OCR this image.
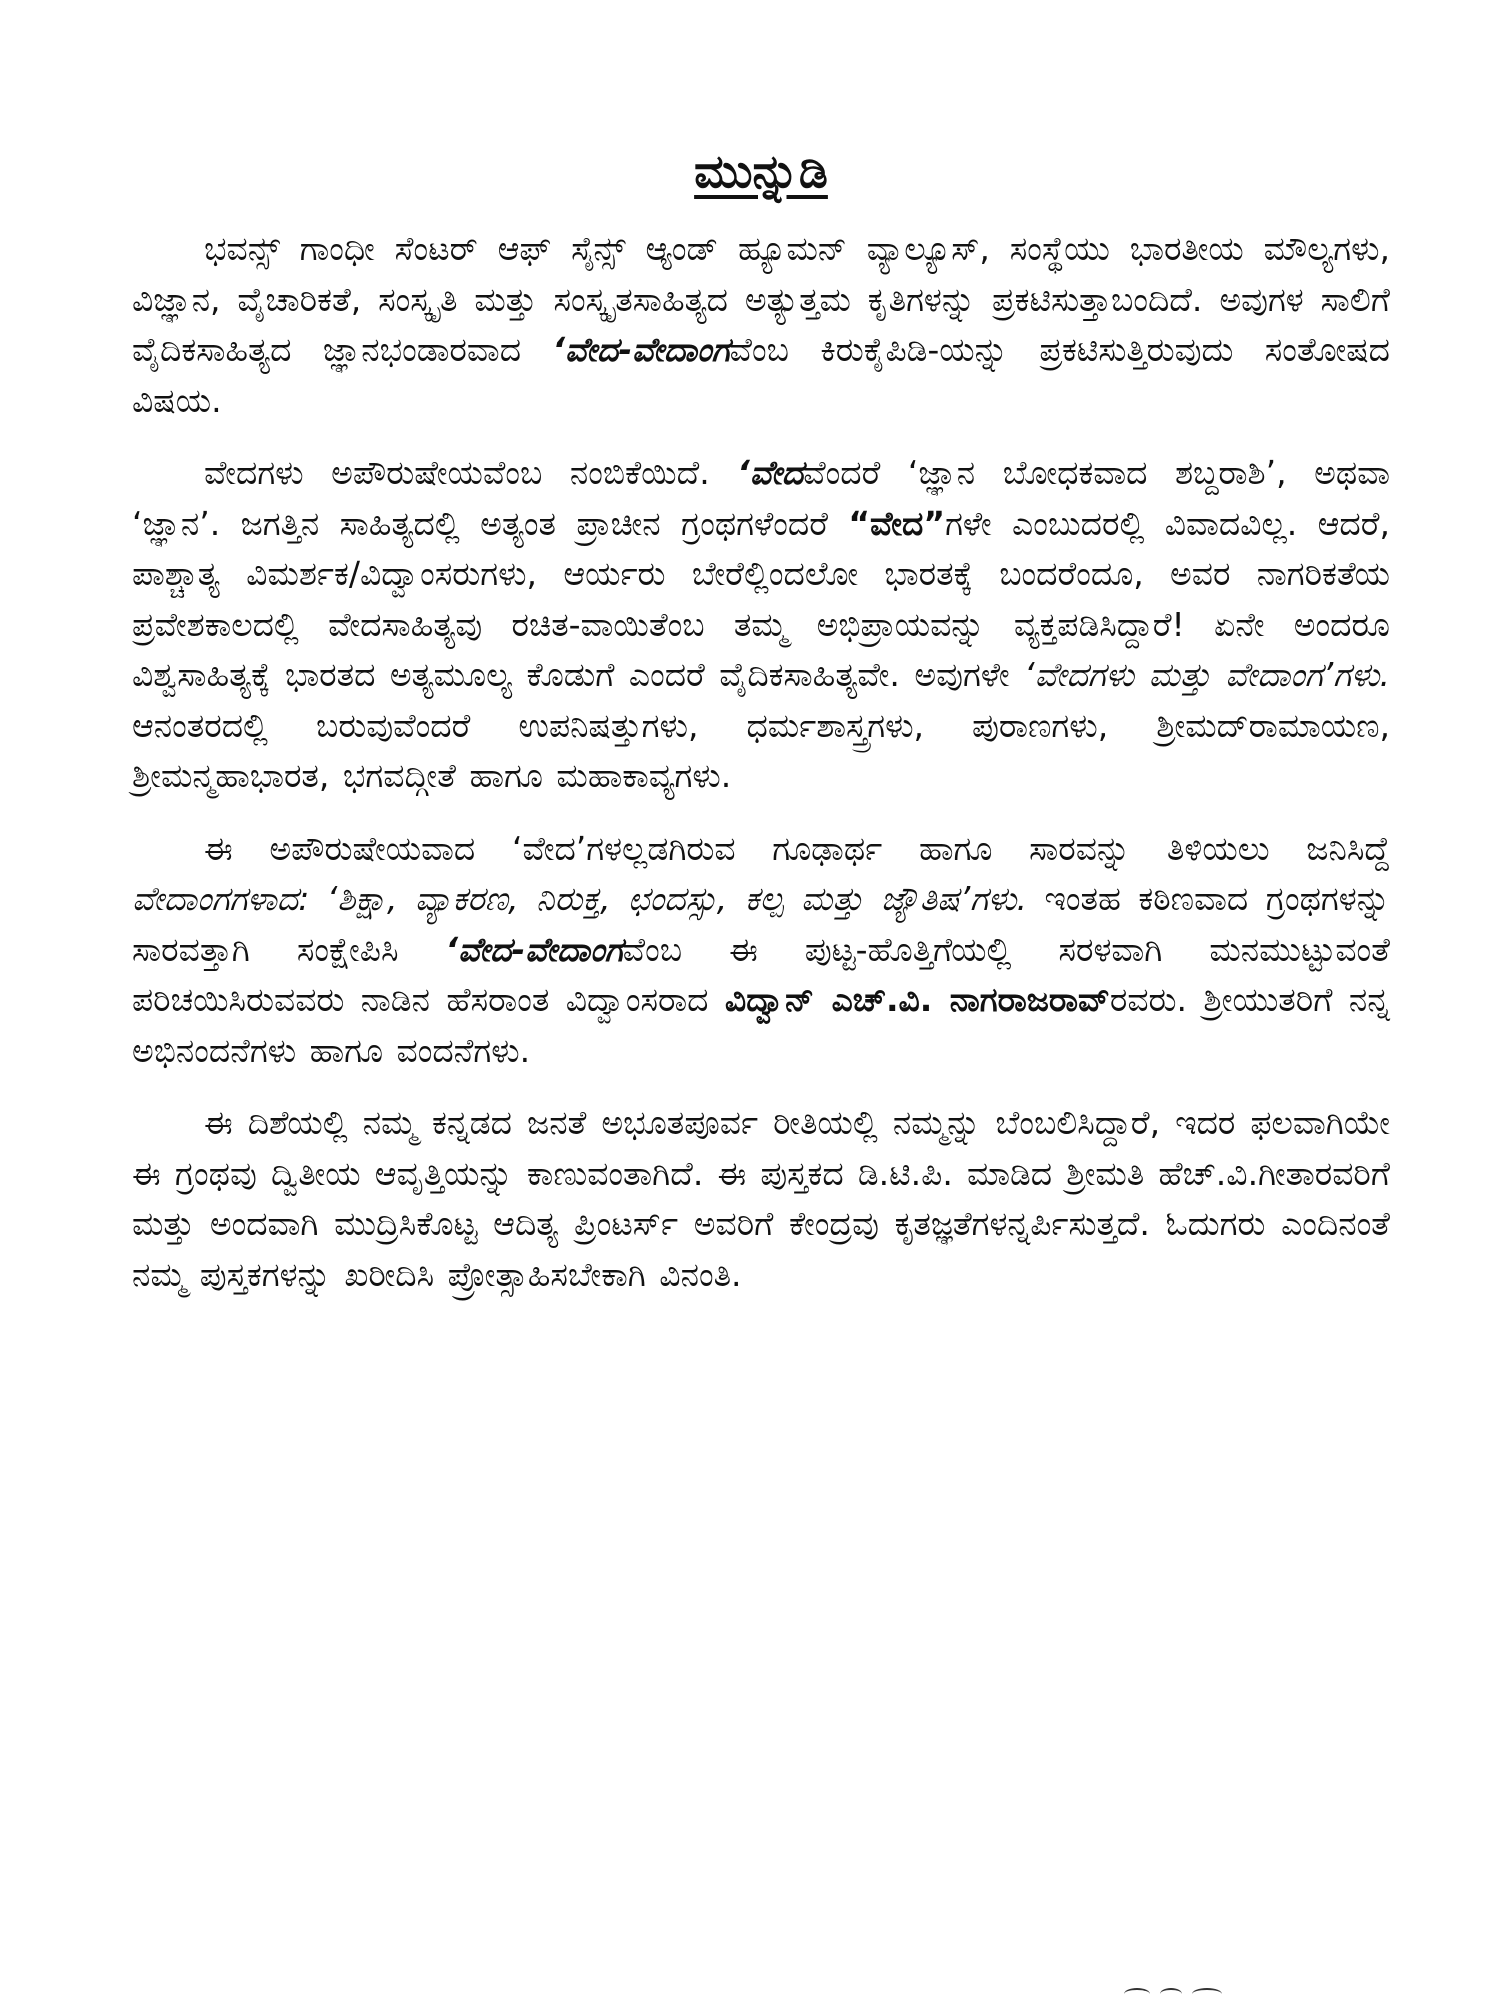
ಮುನ್ನುಡಿ

ಭವನ್ಸ್ ಗಾಂಧೀ ಸೆಂಟರ್ ಆಫ್ ಸೈನ್ಸ್ ಆ್ಯಂಡ್ ಹ್ಯೂಮನ್ ವ್ಯಾಲ್ಯೂಸ್, ಸಂಸ್ಥೆಯು ಭಾರತೀಯ ಮೌಲ್ಯಗಳು, ವಿಜ್ಞಾನ, ವೈಚಾರಿಕತೆ, ಸಂಸ್ಕೃತಿ ಮತ್ತು ಸಂಸ್ಕೃತಸಾಹಿತ್ಯದ ಅತ್ಯುತ್ತಮ ಕೃತಿಗಳನ್ನು ಪ್ರಕಟಿಸುತ್ತಾಬಂದಿದೆ. ಅವುಗಳ ಸಾಲಿಗೆ ವೈದಿಕಸಾಹಿತ್ಯದ ಜ್ಞಾನಭಂಡಾರವಾದ ‘ವೇದ-ವೇದಾಂಗವೆಂಬ ಕಿರುಕೈಪಿಡಿ-ಯನ್ನು ಪ್ರಕಟಿಸುತ್ತಿರುವುದು ಸಂತೋಷದ ವಿಷಯ.

ವೇದಗಳು ಅಪೌರುಷೇಯವೆಂಬ ನಂಬಿಕೆಯಿದೆ. ‘ವೇದವೆಂದರೆ ‘ಜ್ಞಾನ ಬೋಧಕವಾದ ಶಬ್ದರಾಶಿ’, ಅಥವಾ ‘ಜ್ಞಾನ’. ಜಗತ್ತಿನ ಸಾಹಿತ್ಯದಲ್ಲಿ ಅತ್ಯಂತ ಪ್ರಾಚೀನ ಗ್ರಂಥಗಳೆಂದರೆ “ವೇದ”ಗಳೇ ಎಂಬುದರಲ್ಲಿ ವಿವಾದವಿಲ್ಲ. ಆದರೆ, ಪಾಶ್ಚಾತ್ಯ ವಿಮರ್ಶಕ/ವಿದ್ವಾಂಸರುಗಳು, ಆರ್ಯರು ಬೇರೆಲ್ಲಿಂದಲೋ ಭಾರತಕ್ಕೆ ಬಂದರೆಂದೂ, ಅವರ ನಾಗರಿಕತೆಯ ಪ್ರವೇಶಕಾಲದಲ್ಲಿ ವೇದಸಾಹಿತ್ಯವು ರಚಿತ-ವಾಯಿತೆಂಬ ತಮ್ಮ ಅಭಿಪ್ರಾಯವನ್ನು ವ್ಯಕ್ತಪಡಿಸಿದ್ದಾರೆ! ಏನೇ ಅಂದರೂ ವಿಶ್ವಸಾಹಿತ್ಯಕ್ಕೆ ಭಾರತದ ಅತ್ಯಮೂಲ್ಯ ಕೊಡುಗೆ ಎಂದರೆ ವೈದಿಕಸಾಹಿತ್ಯವೇ. ಅವುಗಳೇ ‘ವೇದಗಳು ಮತ್ತು ವೇದಾಂಗ’ಗಳು. ಆನಂತರದಲ್ಲಿ ಬರುವುವೆಂದರೆ ಉಪನಿಷತ್ತುಗಳು, ಧರ್ಮಶಾಸ್ತ್ರಗಳು, ಪುರಾಣಗಳು, ಶ್ರೀಮದ್‌ರಾಮಾಯಣ, ಶ್ರೀಮನ್ಮಹಾಭಾರತ, ಭಗವದ್ಗೀತೆ ಹಾಗೂ ಮಹಾಕಾವ್ಯಗಳು.

ಈ ಅಪೌರುಷೇಯವಾದ ‘ವೇದ’ಗಳಲ್ಲಡಗಿರುವ ಗೂಢಾರ್ಥ ಹಾಗೂ ಸಾರವನ್ನು ತಿಳಿಯಲು ಜನಿಸಿದ್ದೆ ವೇದಾಂಗಗಳಾದ: ‘ಶಿಕ್ಷಾ, ವ್ಯಾಕರಣ, ನಿರುಕ್ತ, ಛಂದಸ್ಸು, ಕಲ್ಪ ಮತ್ತು ಜ್ಯೌತಿಷ’ಗಳು. ಇಂತಹ ಕಠಿಣವಾದ ಗ್ರಂಥಗಳನ್ನು ಸಾರವತ್ತಾಗಿ ಸಂಕ್ಷೇಪಿಸಿ ‘ವೇದ-ವೇದಾಂಗವೆಂಬ ಈ ಪುಟ್ಟ-ಹೊತ್ತಿಗೆಯಲ್ಲಿ ಸರಳವಾಗಿ ಮನಮುಟ್ಟುವಂತೆ ಪರಿಚಯಿಸಿರುವವರು ನಾಡಿನ ಹೆಸರಾಂತ ವಿದ್ವಾಂಸರಾದ ವಿದ್ವಾನ್ ಎಚ್.ವಿ. ನಾಗರಾಜರಾವ್ರವರು. ಶ್ರೀಯುತರಿಗೆ ನನ್ನ ಅಭಿನಂದನೆಗಳು ಹಾಗೂ ವಂದನೆಗಳು.

ಈ ದಿಶೆಯಲ್ಲಿ ನಮ್ಮ ಕನ್ನಡದ ಜನತೆ ಅಭೂತಪೂರ್ವ ರೀತಿಯಲ್ಲಿ ನಮ್ಮನ್ನು ಬೆಂಬಲಿಸಿದ್ದಾರೆ, ಇದರ ಫಲವಾಗಿಯೇ ಈ ಗ್ರಂಥವು ದ್ವಿತೀಯ ಆವೃತ್ತಿಯನ್ನು ಕಾಣುವಂತಾಗಿದೆ. ಈ ಪುಸ್ತಕದ ಡಿ.ಟಿ.ಪಿ. ಮಾಡಿದ ಶ್ರೀಮತಿ ಹೆಚ್.ವಿ.ಗೀತಾರವರಿಗೆ ಮತ್ತು ಅಂದವಾಗಿ ಮುದ್ರಿಸಿಕೊಟ್ಟ ಆದಿತ್ಯ ಪ್ರಿಂಟರ್ಸ್ ಅವರಿಗೆ ಕೇಂದ್ರವು ಕೃತಜ್ಞತೆಗಳನ್ನರ್ಪಿಸುತ್ತದೆ. ಓದುಗರು ಎಂದಿನಂತೆ ನಮ್ಮ ಪುಸ್ತಕಗಳನ್ನು ಖರೀದಿಸಿ ಪ್ರೋತ್ಸಾಹಿಸಬೇಕಾಗಿ ವಿನಂತಿ.
